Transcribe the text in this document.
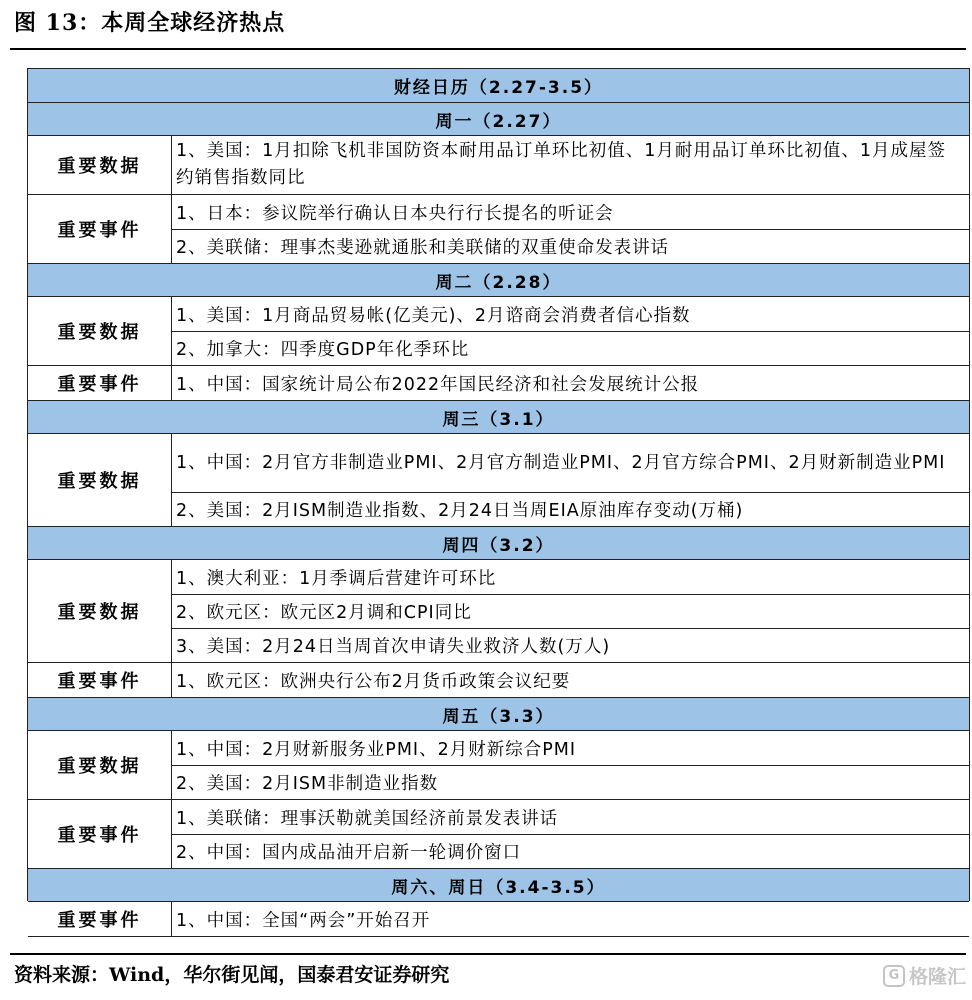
图 13：本周全球经济热点
财经日历（2.27-3.5）
周一（2.27）
重要数据
1、美国：1月扣除飞机非国防资本耐用品订单环比初值、1月耐用品订单环比初值、1月成屋签约销售指数同比
重要事件
1、日本：参议院举行确认日本央行行长提名的听证会
2、美联储：理事杰斐逊就通胀和美联储的双重使命发表讲话
周二（2.28）
重要数据
1、美国：1月商品贸易帐(亿美元)、2月谘商会消费者信心指数
2、加拿大：四季度GDP年化季环比
重要事件	1、中国：国家统计局公布2022年国民经济和社会发展统计公报
周三（3.1）
重要数据
1、中国：2月官方非制造业PMI、2月官方制造业PMI、2月官方综合PMI、2月财新制造业PMI
2、美国：2月ISM制造业指数、2月24日当周EIA原油库存变动(万桶)
周四（3.2）
重要数据
1、澳大利亚：1月季调后营建许可环比
2、欧元区：欧元区2月调和CPI同比
3、美国：2月24日当周首次申请失业救济人数(万人)
重要事件	1、欧元区：欧洲央行公布2月货币政策会议纪要
周五（3.3）
重要数据
1、中国：2月财新服务业PMI、2月财新综合PMI
2、美国：2月ISM非制造业指数
重要事件
1、美联储：理事沃勒就美国经济前景发表讲话
2、中国：国内成品油开启新一轮调价窗口
周六、周日（3.4-3.5）
重要事件	1、中国：全国“两会”开始召开
资料来源：Wind，华尔街见闻，国泰君安证券研究	G 格隆汇
